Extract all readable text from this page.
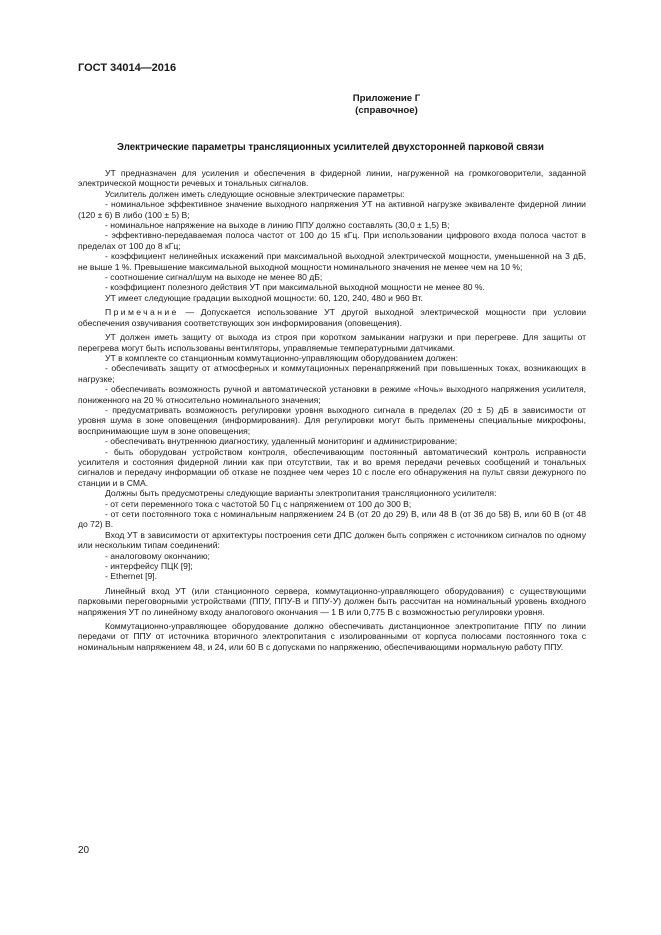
ГОСТ 34014—2016
Приложение Г
(справочное)
Электрические параметры трансляционных усилителей двухсторонней парковой связи

УТ предназначен для усиления и обеспечения в фидерной линии, нагруженной на громкоговорители, заданной электрической мощности речевых и тональных сигналов.

Усилитель должен иметь следующие основные электрические параметры:

- номинальное эффективное значение выходного напряжения УТ на активной нагрузке эквиваленте фидерной линии (120 ± 6) В либо (100 ± 5) В;

- номинальное напряжение на выходе в линию ППУ должно составлять (30,0 ± 1,5) В;

- эффективно-передаваемая полоса частот от 100 до 15 кГц. При использовании цифрового входа полоса частот в пределах от 100 до 8 кГц;

- коэффициент нелинейных искажений при максимальной выходной электрической мощности, уменьшенной на 3 дБ, не выше 1 %. Превышение максимальной выходной мощности номинального значения не менее чем на 10 %;

- соотношение сигнал/шум на выходе не менее 80 дБ;

- коэффициент полезного действия УТ при максимальной выходной мощности не менее 80 %.

УТ имеет следующие градации выходной мощности: 60, 120, 240, 480 и 960 Вт.

Примечание — Допускается использование УТ другой выходной электрической мощности при условии обеспечения озвучивания соответствующих зон информирования (оповещения).

УТ должен иметь защиту от выхода из строя при коротком замыкании нагрузки и при перегреве. Для защиты от перегрева могут быть использованы вентиляторы, управляемые температурными датчиками.

УТ в комплекте со станционным коммутационно-управляющим оборудованием должен:

- обеспечивать защиту от атмосферных и коммутационных перенапряжений при повышенных токах, возникающих в нагрузке;

- обеспечивать возможность ручной и автоматической установки в режиме «Ночь» выходного напряжения усилителя, пониженного на 20 % относительно номинального значения;

- предусматривать возможность регулировки уровня выходного сигнала в пределах (20 ± 5) дБ в зависимости от уровня шума в зоне оповещения (информирования). Для регулировки могут быть применены специальные микрофоны, воспринимающие шум в зоне оповещения;

- обеспечивать внутреннюю диагностику, удаленный мониторинг и администрирование;

- быть оборудован устройством контроля, обеспечивающим постоянный автоматический контроль исправности усилителя и состояния фидерной линии как при отсутствии, так и во время передачи речевых сообщений и тональных сигналов и передачу информации об отказе не позднее чем через 10 с после его обнаружения на пульт связи дежурного по станции и в СМА.

Должны быть предусмотрены следующие варианты электропитания трансляционного усилителя:

- от сети переменного тока с частотой 50 Гц с напряжением от 100 до 300 В;

- от сети постоянного тока с номинальным напряжением 24 В (от 20 до 29) В, или 48 В (от 36 до 58) В, или 60 В (от 48 до 72) В.

Вход УТ в зависимости от архитектуры построения сети ДПС должен быть сопряжен с источником сигналов по одному или нескольким типам соединений:

- аналоговому окончанию;

- интерфейсу ПЦК [9];

- Ethernet [9].

Линейный вход УТ (или станционного сервера, коммутационно-управляющего оборудования) с существующими парковыми переговорными устройствами (ППУ, ППУ-В и ППУ-У) должен быть рассчитан на номинальный уровень входного напряжения УТ по линейному входу аналогового окончания — 1 В или 0,775 В с возможностью регулировки уровня.

Коммутационно-управляющее оборудование должно обеспечивать дистанционное электропитание ППУ по линии передачи от ППУ от источника вторичного электропитания с изолированными от корпуса полюсами постоянного тока с номинальным напряжением 48, и 24, или 60 В с допусками по напряжению, обеспечивающими нормальную работу ППУ.

20
